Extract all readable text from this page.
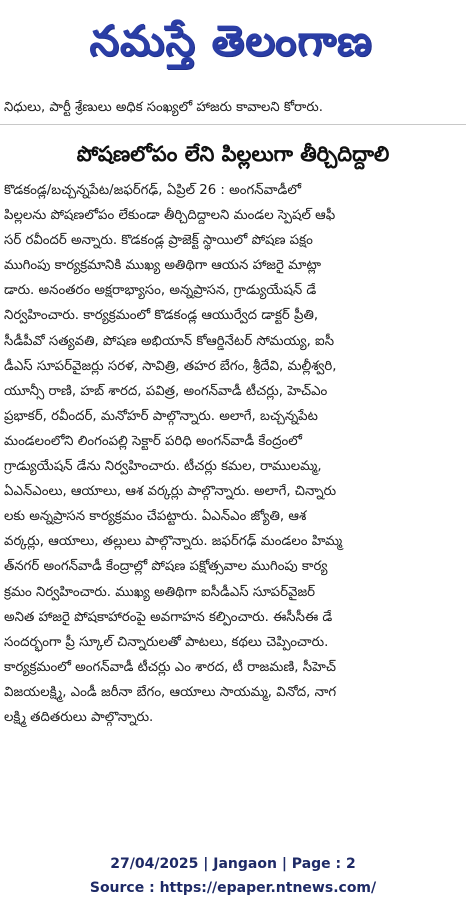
నమస్తే తెలంగాణ
నిధులు, పార్టీ శ్రేణులు అధిక సంఖ్యలో హాజరు కావాలని కోరారు.
పోషణలోపం లేని పిల్లలుగా తీర్చిదిద్దాలి
కొడకండ్ల/బచ్చన్నపేట/జఫర్‌గఢ్, ఏప్రిల్ 26 : అంగన్‌వాడీలో
పిల్లలను పోషణలోపం లేకుండా తీర్చిదిద్దాలని మండల స్పెషల్ ఆఫీ
సర్ రవీందర్ అన్నారు. కొడకండ్ల ప్రాజెక్ట్ స్థాయిలో పోషణ పక్షం
ముగింపు కార్యక్రమానికి ముఖ్య అతిథిగా ఆయన హాజరై మాట్లా
డారు. అనంతరం అక్షరాభ్యాసం, అన్నప్రాసన, గ్రాడ్యుయేషన్ డే
నిర్వహించారు. కార్యక్రమంలో కొడకండ్ల ఆయుర్వేద డాక్టర్ ప్రీతి,
సీడీపీవో సత్యవతి, పోషణ అభియాన్ కోఆర్డినేటర్ సోమయ్య, ఐసీ
డీఎస్ సూపర్‌వైజర్లు సరళ, సావిత్రి, తహర బేగం, శ్రీదేవి, మల్లీశ్వరి,
యూన్సీ రాణి, హబ్ శారద, పవిత్ర, అంగన్‌వాడీ టీచర్లు, హెచ్‌ఎం
ప్రభాకర్, రవీందర్, మనోహర్ పాల్గొన్నారు. అలాగే, బచ్చన్నపేట
మండలంలోని లింగంపల్లి సెక్టార్ పరిధి అంగన్‌వాడీ కేంద్రంలో
గ్రాడ్యుయేషన్ డేను నిర్వహించారు. టీచర్లు కమల, రాములమ్మ,
ఏఎన్‌ఎంలు, ఆయాలు, ఆశ వర్కర్లు పాల్గొన్నారు. అలాగే, చిన్నారు
లకు అన్నప్రాసన కార్యక్రమం చేపట్టారు. ఏఎన్‌ఎం జ్యోతి, ఆశ
వర్కర్లు, ఆయాలు, తల్లులు పాల్గొన్నారు. జఫర్‌గఢ్ మండలం హిమ్మ
త్‌నగర్ అంగన్‌వాడీ కేంద్రాల్లో పోషణ పక్షోత్సవాల ముగింపు కార్య
క్రమం నిర్వహించారు. ముఖ్య అతిథిగా ఐసీడీఎస్ సూపర్‌వైజర్
అనిత హాజరై పోషకాహారంపై అవగాహన కల్పించారు. ఈసీసీఈ డే
సందర్భంగా ప్రీ స్కూల్ చిన్నారులతో పాటలు, కథలు చెప్పించారు.
కార్యక్రమంలో అంగన్‌వాడీ టీచర్లు ఎం శారద, టీ రాజమణి, సీహెచ్
విజయలక్ష్మి, ఎండీ జరీనా బేగం, ఆయాలు సాయమ్మ, వినోద, నాగ
లక్ష్మి తదితరులు పాల్గొన్నారు.
27/04/2025 | Jangaon | Page : 2
Source : https://epaper.ntnews.com/
